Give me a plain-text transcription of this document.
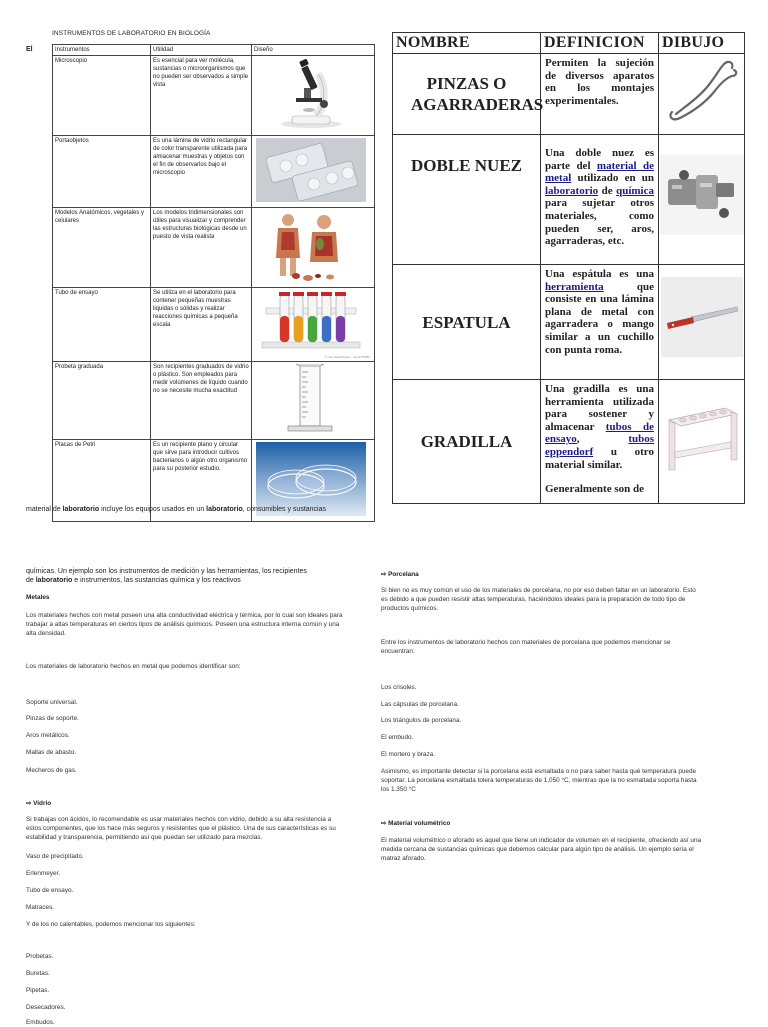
INSTRUMENTOS DE LABORATORIO EN BIOLOGÍA
El	Instrumentos	Utilidad	Diseño
Microscopio	Es esencial para ver molécula, sustancias o microorganismos que no pueden ser observados a simple vista	
Portaobjetos	Es una lámina de vidrio rectangular de color transparente utilizada para almacenar muestras y objetos con el fin de observarlos bajo el microscopio	
Modelos Anatómicos, vegetales y celulares	Los modelos tridimensionales son útiles para visualizar y comprender las estructuras biológicas desde un puesto de vista realista	
Tubo de ensayo	Se utiliza en el laboratorio para contener pequeñas muestras liquidas o sólidas y realizar reacciones químicas a pequeña escala	© Can Stock Photo - csp 9775462

Probeta graduada	Son recipientes graduados de vidrio o plástico. Son empleados para medir volúmenes de líquido cuando no se necesite mucha exactitud	
Placas de Petri	Es un recipiente plano y circular que sirve para introducir cultivos bacterianos o algún otro organismo para su posterior estudio.	
NOMBRE	DEFINICION	DIBUJO

PINZAS O AGARRADERAS	Permiten la sujeción de diversos aparatos en los montajes experimentales.	

DOBLE NUEZ	Una doble nuez es parte del material de metal utilizado en un laboratorio de química para sujetar otros materiales, como pueden ser, aros, agarraderas, etc.	

ESPATULA	Una espátula es una herramienta que consiste en una lámina plana de metal con agarradera o mango similar a un cuchillo con punta roma.	

GRADILLA	Una gradilla es una herramienta utilizada para sostener y almacenar tubos de ensayo, tubos eppendorf u otro material similar.
Generalmente son de

material de laboratorio incluye los equipos usados en un laboratorio, consumibles y sustancias
químicas. Un ejemplo son los instrumentos de medición y las herramientas, los recipientes
de laboratorio e instrumentos, las sustancias química y los reactivos
Metales
Los materiales hechos con metal poseen una alta conductividad eléctrica y térmica, por lo cual son ideales para trabajar a altas temperaturas en ciertos tipos de análisis químicos. Poseen una estructura interna común y una alta densidad.
Los materiales de laboratorio hechos en metal que podemos identificar son:
Soporte universal.
Pinzas de soporte.
Aros metálicos.
Mallas de abasto.
Mecheros de gas.
⇨ Vidrio
Si trabajas con ácidos, lo recomendable es usar materiales hechos con vidrio, debido a su alta resistencia a estos componentes, que los hace más seguros y resistentes que el plástico. Una de sus características es su estabilidad y transparencia, permitiendo así que puedan ser utilizado para mezclas.
Vaso de precipitado.
Erlenmeyer.
Tubo de ensayo.
Matraces.
Y de los no calentables, podemos mencionar los siguientes:
Probetas.
Buretas.
Pipetas.
Desecadores.
Embudos.
⇨ Porcelana
Si bien no es muy común el uso de los materiales de porcelana, no por eso deben faltar en un laboratorio. Esto es debido a que pueden resistir altas temperaturas, haciéndolos ideales para la preparación de todo tipo de productos químicos.
Entre los instrumentos de laboratorio hechos con materiales de porcelana que podemos mencionar se encuentran:
Los crisoles.
Las cápsulas de porcelana.
Los triángulos de porcelana.
El embudo.
El mortero y braza.
Asimismo, es importante detectar si la porcelana está esmaltada o no para saber hasta qué temperatura puede soportar. La porcelana esmaltada tolera temperaturas de 1.050 °C, mientras que la no esmaltada soporta hasta los 1.350 °C
⇨ Material volumétrico
El material volumétrico o aforado es aquel que tiene un indicador de volumen en el recipiente, ofreciendo así una medida cercana de sustancias químicas que debemos calcular para algún tipo de análisis. Un ejemplo sería el matraz aforado.
